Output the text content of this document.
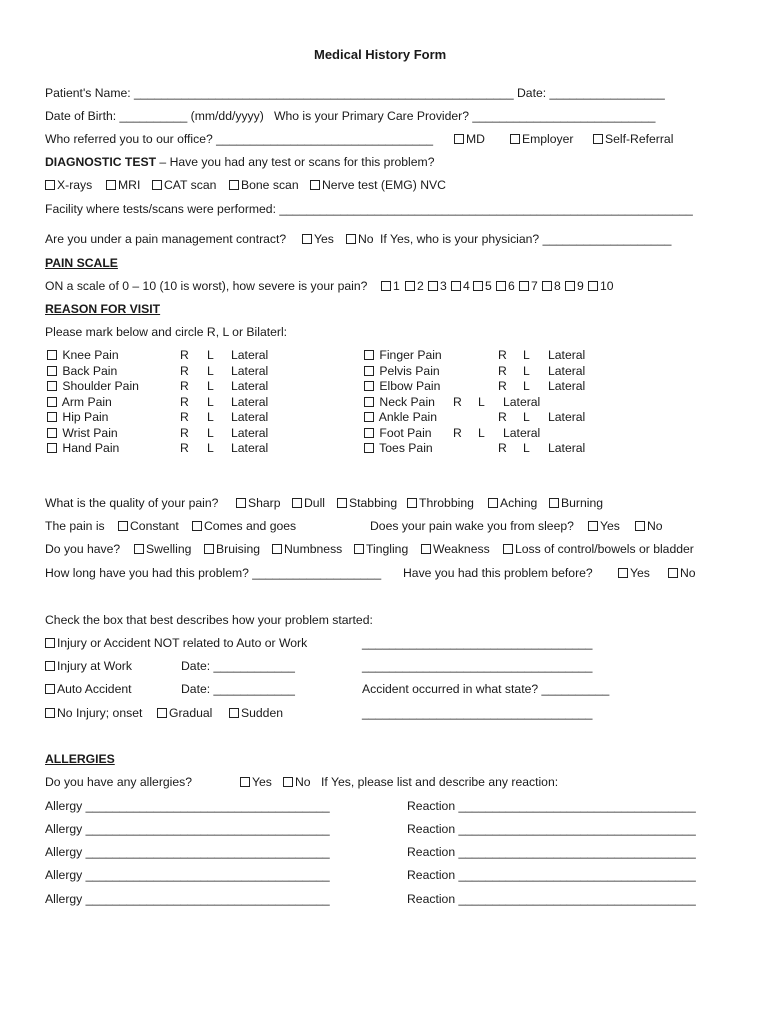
Medical History Form
Patient's Name: ________________________________________________________ Date: _________________
Date of Birth: __________ (mm/dd/yyyy)   Who is your Primary Care Provider? ___________________________
Who referred you to our office? ________________________________	MD	Employer	Self-Referral
DIAGNOSTIC TEST – Have you had any test or scans for this problem?
X-rays	MRI	CAT scan	Bone scan	Nerve test (EMG) NVC
Facility where tests/scans were performed: _____________________________________________________________
Are you under a pain management contract?	Yes	No If Yes, who is your physician? ___________________
PAIN SCALE
ON a scale of 0 – 10 (10 is worst), how severe is your pain?	1	2	3	4	5	6	7	8	9	10
REASON FOR VISIT
Please mark below and circle R, L or Bilaterl:
Knee Pain	R L Lateral
Back Pain	R L Lateral
Shoulder Pain	R L Lateral
Arm Pain	R L Lateral
Hip Pain	R L Lateral
Wrist Pain	R L Lateral
Hand Pain	R L Lateral
Finger Pain	R L Lateral
Pelvis Pain	R L Lateral
Elbow Pain	R L Lateral
Neck Pain R L Lateral
Ankle Pain	R L Lateral
Foot Pain R L Lateral
Toes Pain	R L Lateral
What is the quality of your pain?	Sharp	Dull	Stabbing	Throbbing	Aching	Burning
The pain is	Constant	Comes and goes	Does your pain wake you from sleep?	Yes	No
Do you have?	Swelling	Bruising	Numbness	Tingling	Weakness	Loss of control/bowels or bladder
How long have you had this problem? ___________________ Have you had this problem before?	Yes	No
Check the box that best describes how your problem started:
Injury or Accident NOT related to Auto or Work	__________________________________
Injury at Work	Date: ____________	__________________________________
Auto Accident	Date: ____________	Accident occurred in what state? __________
No Injury; onset	Gradual	Sudden	__________________________________
ALLERGIES
Do you have any allergies?	Yes	No If Yes, please list and describe any reaction:
Allergy ____________________________________	Reaction ___________________________________
Allergy ____________________________________	Reaction ___________________________________
Allergy ____________________________________	Reaction ___________________________________
Allergy ____________________________________	Reaction ___________________________________
Allergy ____________________________________	Reaction ___________________________________
